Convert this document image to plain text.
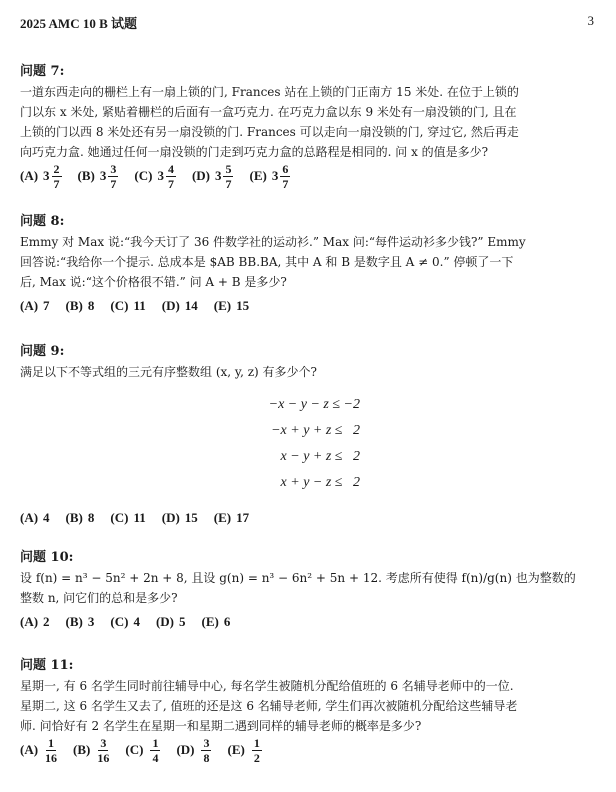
2025 AMC 10 B 试题	3
问题 7:

一道东西走向的栅栏上有一扇上锁的门, Frances 站在上锁的门正南方 15 米处. 在位于上锁的

门以东 x 米处, 紧贴着栅栏的后面有一盒巧克力. 在巧克力盒以东 9 米处有一扇没锁的门, 且在

上锁的门以西 8 米处还有另一扇没锁的门. Frances 可以走向一扇没锁的门, 穿过它, 然后再走

向巧克力盒. 她通过任何一扇没锁的门走到巧克力盒的总路程是相同的. 问 x 的值是多少?

(A) $3 \frac{2}{7} (B)$ $3 \frac{3}{7} (C)$ $3 \frac{4}{7} (D)$ $3 \frac{5}{7} (E)$ $3 \frac{6}{7}$
问题 8:

Emmy 对 Max 说:“我今天订了 36 件数学社的运动衫.” Max 问:“每件运动衫多少钱?” Emmy

回答说:“我给你一个提示. 总成本是 $AB BB.BA, 其中 A 和 B 是数字且 A ≠ 0.” 停顿了一下

后, Max 说:“这个价格很不错.” 问 A + B 是多少?

(A) 7 (B) 8 (C) 11 (D) 14 (E) 15
问题 9:

满足以下不等式组的三元有序整数组 (x, y, z) 有多少个?

−x − y − z ≤ −2
−x + y + z ≤   2
x − y + z ≤   2
x + y − z ≤   2
(A) 4 (B) 8 (C) 11 (D) 15 (E) 17
问题 10:

设 f(n) = n³ − 5n² + 2n + 8, 且设 g(n) = n³ − 6n² + 5n + 12. 考虑所有使得 f(n)/g(n) 也为整数的

整数 n, 问它们的总和是多少?

(A) 2 (B) 3 (C) 4 (D) 5 (E) 6
问题 11:

星期一, 有 6 名学生同时前往辅导中心, 每名学生被随机分配给值班的 6 名辅导老师中的一位.

星期二, 这 6 名学生又去了, 值班的还是这 6 名辅导老师, 学生们再次被随机分配给这些辅导老

师. 问恰好有 2 名学生在星期一和星期二遇到同样的辅导老师的概率是多少?

$(A) \frac{1}{16} (B) \frac{3}{16} (C) \frac{1}{4} (D) \frac{3}{8} (E) \frac{1}{2}$
